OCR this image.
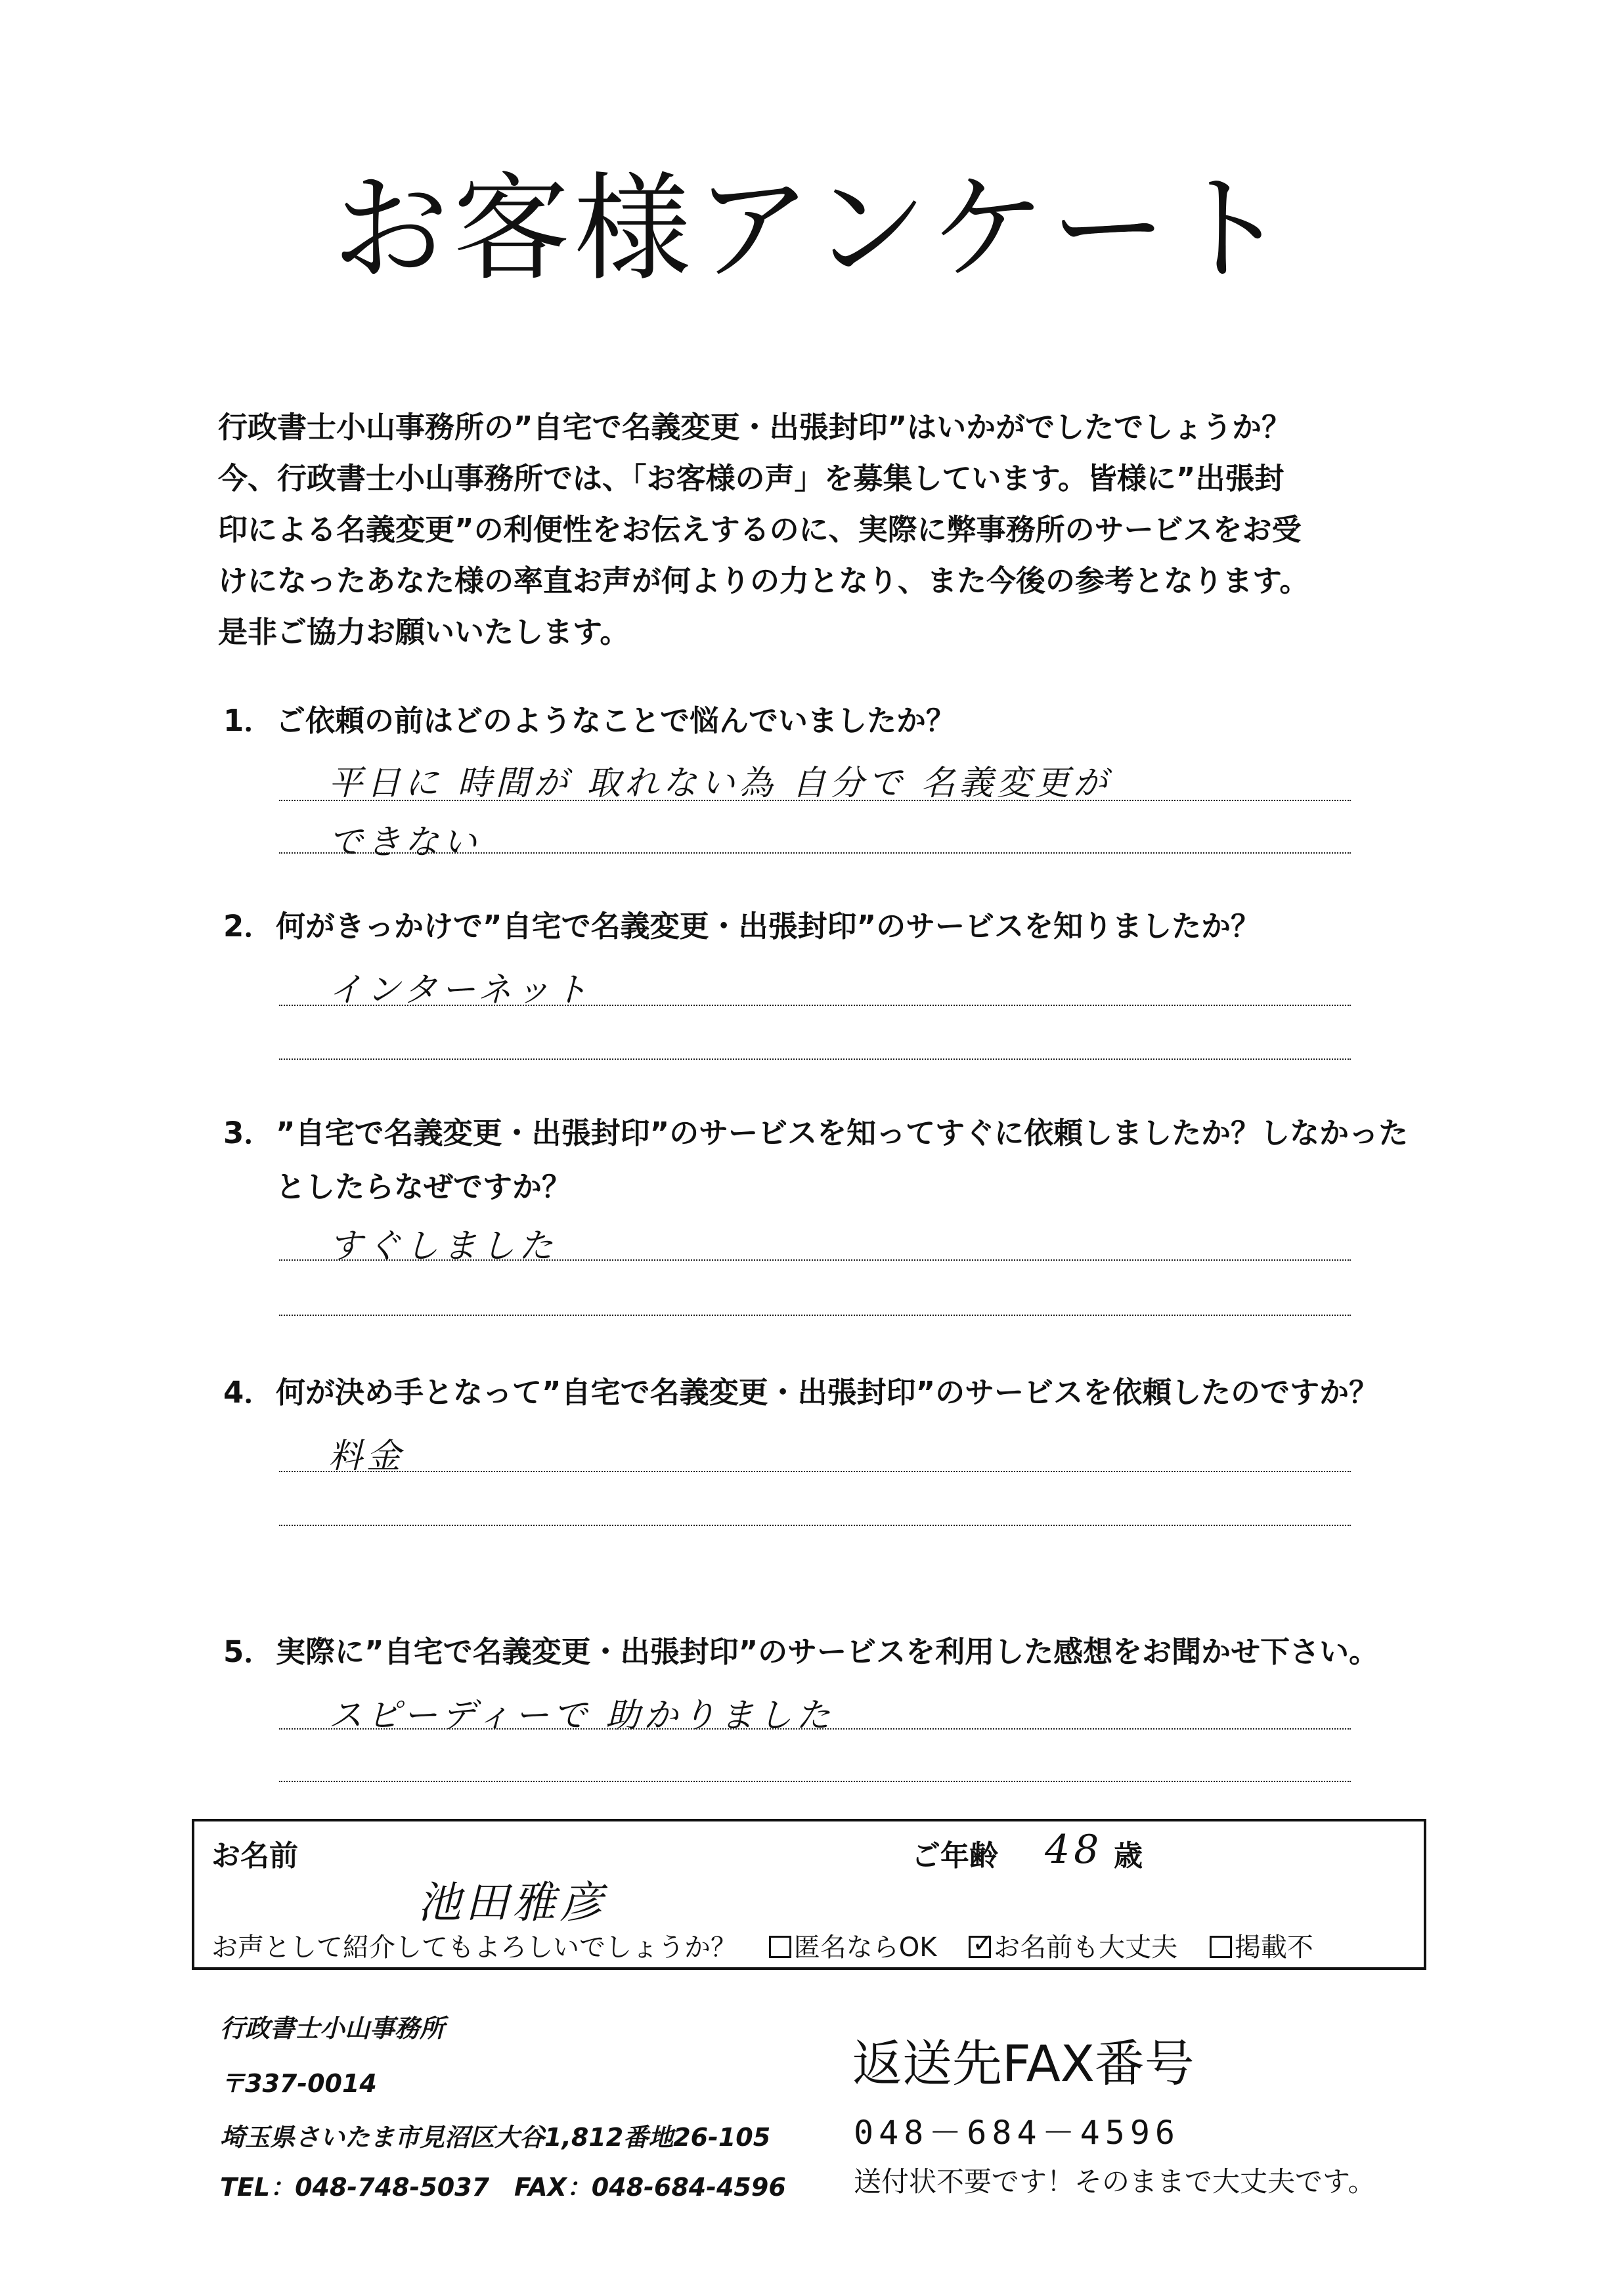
お客様アンケート
行政書士小山事務所の”自宅で名義変更・出張封印”はいかがでしたでしょうか？
今、行政書士小山事務所では、「お客様の声」を募集しています。皆様に”出張封
印による名義変更”の利便性をお伝えするのに、実際に弊事務所のサービスをお受
けになったあなた様の率直お声が何よりの力となり、また今後の参考となります。
是非ご協力お願いいたします。
1．ご依頼の前はどのようなことで悩んでいましたか？
平日に 時間が 取れない為 自分で 名義変更が
できない
2．何がきっかけで”自宅で名義変更・出張封印”のサービスを知りましたか？
インターネット
3．”自宅で名義変更・出張封印”のサービスを知ってすぐに依頼しましたか？しなかった
としたらなぜですか？
すぐしました
4．何が決め手となって”自宅で名義変更・出張封印”のサービスを依頼したのですか？
料金
5．実際に”自宅で名義変更・出張封印”のサービスを利用した感想をお聞かせ下さい。
スピーディーで 助かりました
お名前
池田雅彦
ご年齢 48 歳
お声として紹介してもよろしいでしょうか？ 匿名ならOK ✓ お名前も大丈夫 掲載不
行政書士小山事務所
〒337-0014
埼玉県さいたま市見沼区大谷1,812番地26-105
TEL：048-748-5037　FAX：048-684-4596
返送先FAX番号
048－684－4596
送付状不要です！そのままで大丈夫です。
